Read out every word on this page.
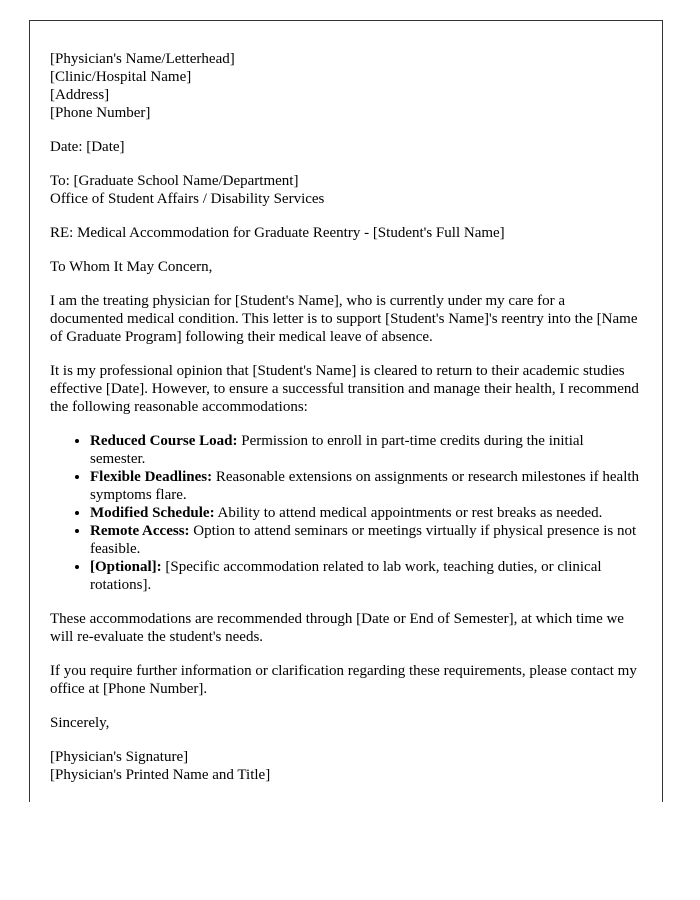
[Physician's Name/Letterhead]
[Clinic/Hospital Name]
[Address]
[Phone Number]

Date: [Date]

To: [Graduate School Name/Department]
Office of Student Affairs / Disability Services

RE: Medical Accommodation for Graduate Reentry - [Student's Full Name]

To Whom It May Concern,

I am the treating physician for [Student's Name], who is currently under my care for a documented medical condition. This letter is to support [Student's Name]'s reentry into the [Name of Graduate Program] following their medical leave of absence.

It is my professional opinion that [Student's Name] is cleared to return to their academic studies effective [Date]. However, to ensure a successful transition and manage their health, I recommend the following reasonable accommodations:

• Reduced Course Load: Permission to enroll in part-time credits during the initial semester.
• Flexible Deadlines: Reasonable extensions on assignments or research milestones if health symptoms flare.
• Modified Schedule: Ability to attend medical appointments or rest breaks as needed.
• Remote Access: Option to attend seminars or meetings virtually if physical presence is not feasible.
• [Optional]: [Specific accommodation related to lab work, teaching duties, or clinical rotations].

These accommodations are recommended through [Date or End of Semester], at which time we will re-evaluate the student's needs.

If you require further information or clarification regarding these requirements, please contact my office at [Phone Number].

Sincerely,

[Physician's Signature]
[Physician's Printed Name and Title]
